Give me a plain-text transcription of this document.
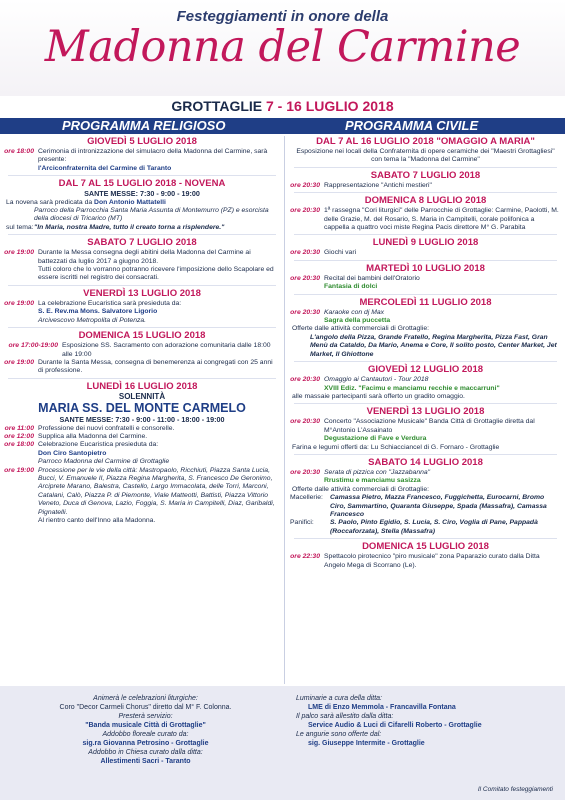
Festeggiamenti in onore della
Madonna del Carmine
GROTTAGLIE 7 - 16 LUGLIO 2018
PROGRAMMA RELIGIOSO	PROGRAMMA CIVILE
GIOVEDÌ 5 LUGLIO 2018
ore 18:00 Cerimonia di intronizzazione del simulacro della Madonna del Carmine, sarà presente:
l'Arciconfraternita del Carmine di Taranto
DAL 7 AL 15 LUGLIO 2018 - NOVENA
SANTE MESSE: 7:30 - 9:00 - 19:00
La novena sarà predicata da Don Antonio Mattatelli
Parroco della Parrocchia Santa Maria Assunta di Montemurro (PZ) e esorcista della diocesi di Tricarico (MT)
sul tema: "In Maria, nostra Madre, tutto il creato torna a risplendere."
SABATO 7 LUGLIO 2018
ore 19:00 Durante la Messa consegna degli abitini della Madonna del Carmine ai battezzati da luglio 2017 a giugno 2018.
Tutti coloro che lo vorranno potranno ricevere l'imposizione dello Scapolare ed essere iscritti nel registro dei consacrati.
VENERDÌ 13 LUGLIO 2018
ore 19:00 La celebrazione Eucaristica sarà presieduta da:
S. E. Rev.ma Mons. Salvatore Ligorio
Arcivescovo Metropolita di Potenza.
DOMENICA 15 LUGLIO 2018
ore 17:00-19:00 Esposizione SS. Sacramento con adorazione comunitaria dalle 18:00 alle 19:00
ore 19:00 Durante la Santa Messa, consegna di benemerenza ai congregati con 25 anni di professione.
LUNEDÌ 16 LUGLIO 2018
SOLENNITÀ
MARIA SS. DEL MONTE CARMELO
SANTE MESSE: 7:30 - 9:00 - 11:00 - 18:00 - 19:00
ore 11:00 Professione dei nuovi confratelli e consorelle.
ore 12:00 Supplica alla Madonna del Carmine.
ore 18:00 Celebrazione Eucaristica presieduta da:
Don Ciro Santopietro
Parroco Madonna del Carmine di Grottaglie
ore 19:00 Processione per le vie della città: Mastropaolo, Ricchiuti, Piazza Santa Lucia, Bucci, V. Emanuele II, Piazza Regina Margherita, S. Francesco De Geronimo, Arciprete Marano, Balestra, Castello, Largo Immacolata, delle Torri, Marconi, Catalani, Calò, Piazza P. di Piemonte, Viale Matteotti, Battisti, Piazza Vittorio Veneto, Duca di Genova, Lazio, Foggia, S. Maria in Campitelli, Diaz, Garibaldi, Pignatelli.
Al rientro canto dell'Inno alla Madonna.
DAL 7 AL 16 LUGLIO 2018 "OMAGGIO A MARIA"
Esposizione nei locali della Confraternita di opere ceramiche dei "Maestri Grottagliesi" con tema la "Madonna del Carmine"
SABATO 7 LUGLIO 2018
ore 20:30 Rappresentazione "Antichi mestieri"
DOMENICA 8 LUGLIO 2018
ore 20:30 1ª rassegna "Cori liturgici" delle Parrocchie di Grottaglie: Carmine, Paolotti, M. delle Grazie, M. del Rosario, S. Maria in Campitelli, corale polifonica a cappella a quattro voci miste Regina Pacis direttore M° G. Parabita
LUNEDÌ 9 LUGLIO 2018
ore 20:30 Giochi vari
MARTEDÌ 10 LUGLIO 2018
ore 20:30 Recital dei bambini dell'Oratorio
Fantasia di dolci
MERCOLEDÌ 11 LUGLIO 2018
ore 20:30 Karaoke con dj Max
Sagra della puccetta
Offerte dalle attività commerciali di Grottaglie:
L'angolo della Pizza, Grande Fratello, Regina Margherita, Pizza Fast, Gran Menù da Cataldo, Da Mario, Anema e Core, Il solito posto, Center Market, Jet Market, Il Ghiottone
GIOVEDÌ 12 LUGLIO 2018
ore 20:30 Omaggio ai Cantautori - Tour 2018
XVIII Ediz. "Facimu e manciamu recchie e maccarruni"
alle massaie partecipanti sarà offerto un gradito omaggio.
VENERDÌ 13 LUGLIO 2018
ore 20:30 Concerto "Associazione Musicale" Banda Città di Grottaglie diretta dal M°Antonio L'Assainato
Degustazione di Fave e Verdura
Farina e legumi offerti da: Lu Schiacciancel di G. Fornaro - Grottaglie
SABATO 14 LUGLIO 2018
ore 20:30 Serata di pizzica con "Jazzabanna"
Rrustimu e manciamu sasizza
Offerte dalle attività commerciali di Grottaglie:
Macellerie:	Camassa Pietro, Mazza Francesco, Fuggichetta, Eurocarni, Bromo Ciro, Sammartino, Quaranta Giuseppe, Spada (Massafra), Camassa Francesco
Panifici:	S. Paolo, Pinto Egidio, S. Lucia, S. Ciro, Voglia di Pane, Pappadà (Roccaforzata), Stella (Massafra)
DOMENICA 15 LUGLIO 2018
ore 22:30 Spettacolo pirotecnico "piro musicale" zona Paparazio curato dalla Ditta Angelo Mega di Scorrano (Le).
Animerà le celebrazioni liturgiche:
Coro "Decor Carmeli Chorus" diretto dal M° F. Colonna.
Presterà servizio:
"Banda musicale Città di Grottaglie"
Addobbo floreale curato da:
sig.ra Giovanna Petrosino - Grottaglie
Addobbo in Chiesa curato dalla ditta:
Allestimenti Sacri - Taranto
Luminarie a cura della ditta:
LME di Enzo Memmola - Francavilla Fontana
Il palco sarà allestito dalla ditta:
Service Audio & Luci di Cifarelli Roberto - Grottaglie
Le angurie sono offerte dal:
sig. Giuseppe Intermite - Grottaglie
Il Comitato festeggiamenti
